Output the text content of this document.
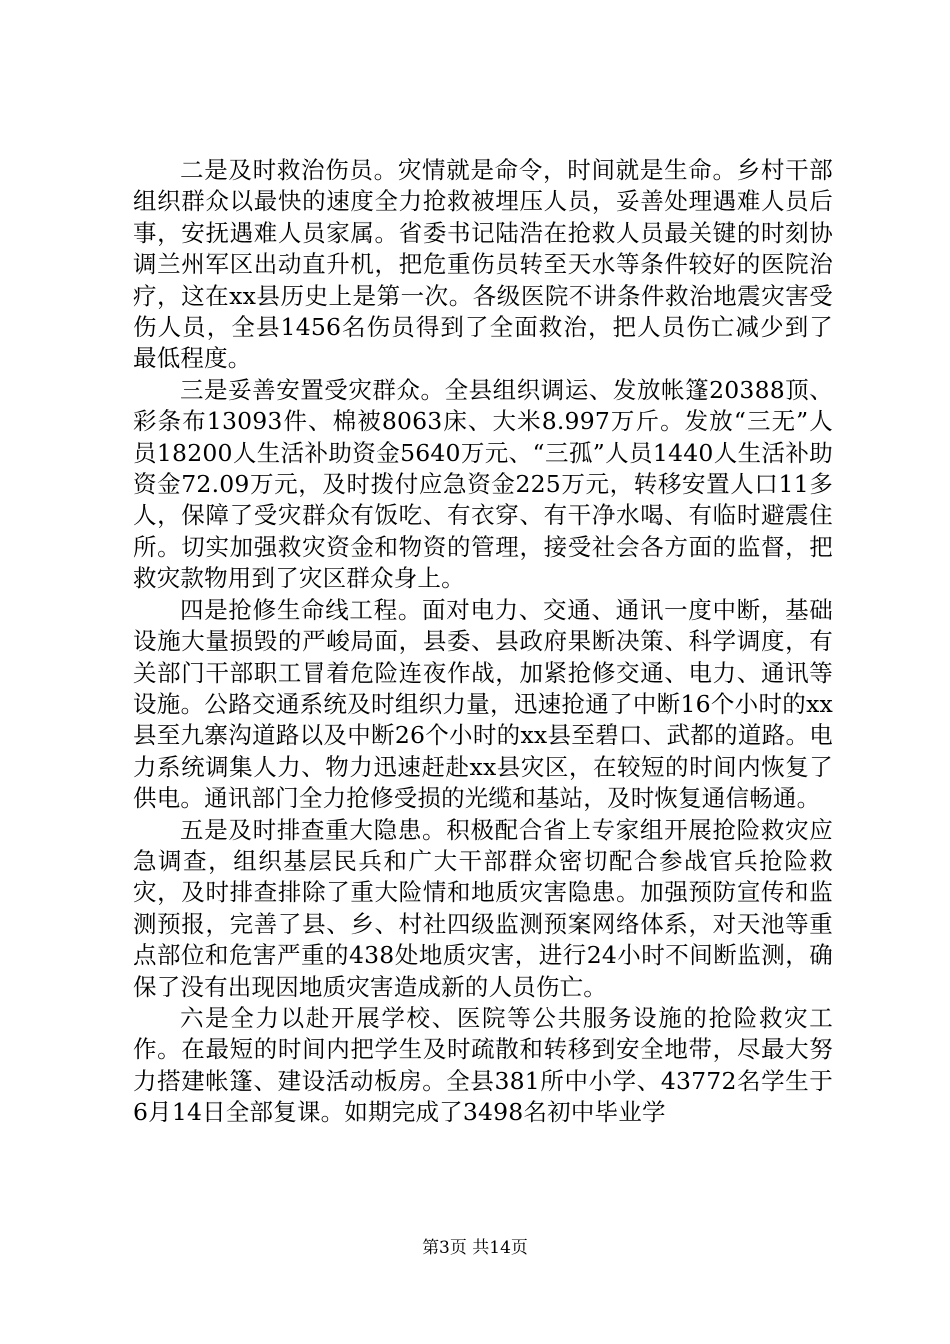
二是及时救治伤员。灾情就是命令，时间就是生命。乡村干部组织群众以最快的速度全力抢救被埋压人员，妥善处理遇难人员后事，安抚遇难人员家属。省委书记陆浩在抢救人员最关键的时刻协调兰州军区出动直升机，把危重伤员转至天水等条件较好的医院治疗，这在xx县历史上是第一次。各级医院不讲条件救治地震灾害受伤人员，全县1456名伤员得到了全面救治，把人员伤亡减少到了最低程度。

三是妥善安置受灾群众。全县组织调运、发放帐篷20388顶、彩条布13093件、棉被8063床、大米8.997万斤。发放“三无”人员18200人生活补助资金5640万元、“三孤”人员1440人生活补助资金72.09万元，及时拨付应急资金225万元，转移安置人口11多人，保障了受灾群众有饭吃、有衣穿、有干净水喝、有临时避震住所。切实加强救灾资金和物资的管理，接受社会各方面的监督，把救灾款物用到了灾区群众身上。

四是抢修生命线工程。面对电力、交通、通讯一度中断，基础设施大量损毁的严峻局面，县委、县政府果断决策、科学调度，有关部门干部职工冒着危险连夜作战，加紧抢修交通、电力、通讯等设施。公路交通系统及时组织力量，迅速抢通了中断16个小时的xx县至九寨沟道路以及中断26个小时的xx县至碧口、武都的道路。电力系统调集人力、物力迅速赶赴xx县灾区，在较短的时间内恢复了供电。通讯部门全力抢修受损的光缆和基站，及时恢复通信畅通。

五是及时排查重大隐患。积极配合省上专家组开展抢险救灾应急调查，组织基层民兵和广大干部群众密切配合参战官兵抢险救灾，及时排查排除了重大险情和地质灾害隐患。加强预防宣传和监测预报，完善了县、乡、村社四级监测预案网络体系，对天池等重点部位和危害严重的438处地质灾害，进行24小时不间断监测，确保了没有出现因地质灾害造成新的人员伤亡。

六是全力以赴开展学校、医院等公共服务设施的抢险救灾工作。在最短的时间内把学生及时疏散和转移到安全地带，尽最大努力搭建帐篷、建设活动板房。全县381所中小学、43772名学生于6月14日全部复课。如期完成了3498名初中毕业学

第3页 共14页
